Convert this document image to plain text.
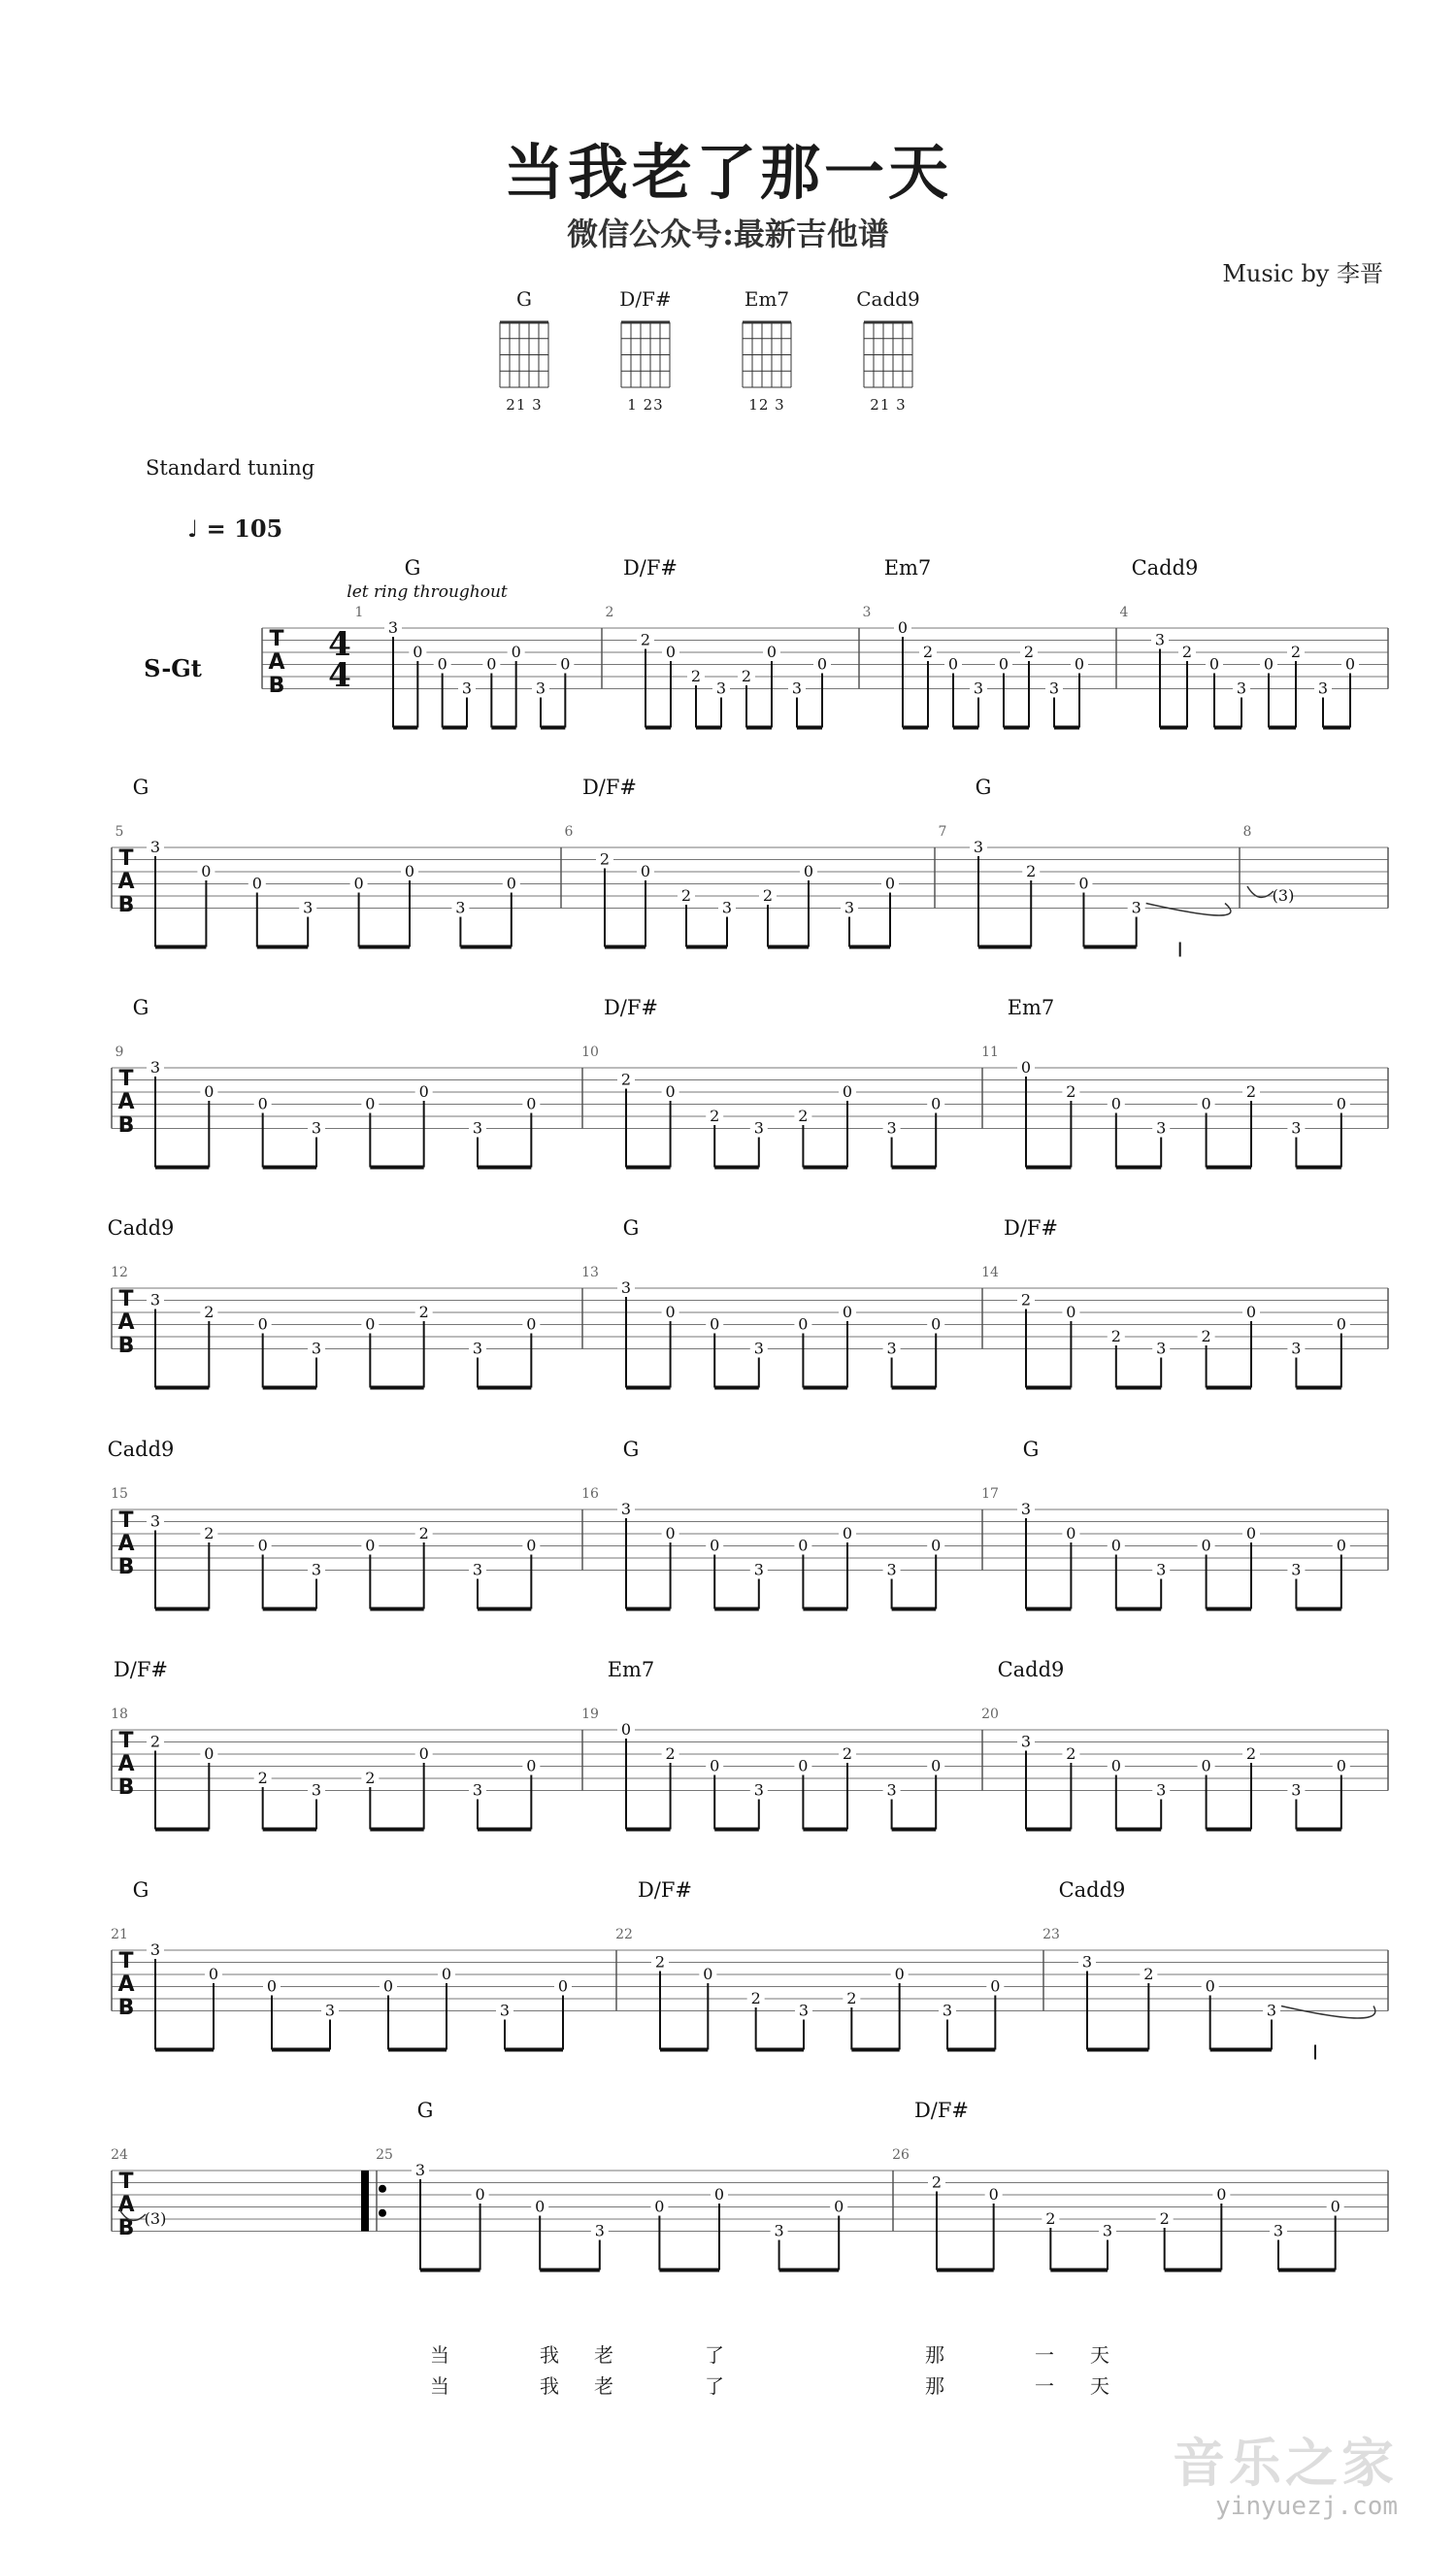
当我老了那一天
微信公众号:最新吉他谱
Music by 李晋
G
21 3
D/F#
1 23
Em7
12 3
Cadd9
21 3
Standard tuning
♩ = 105
T
A
B
4
4
S-Gt
let ring throughout
1
G
3
0
0
3
0
0
3
0
2
D/F#
2
0
2
3
2
0
3
0
3
Em7
0
2
0
3
0
2
3
0
4
Cadd9
3
2
0
3
0
2
3
0
T
A
B
5
G
3
0
0
3
0
0
3
0
6
D/F#
2
0
2
3
2
0
3
0
7
G
3
2
0
3
8
(3)
T
A
B
9
G
3
0
0
3
0
0
3
0
10
D/F#
2
0
2
3
2
0
3
0
11
Em7
0
2
0
3
0
2
3
0
T
A
B
12
Cadd9
3
2
0
3
0
2
3
0
13
G
3
0
0
3
0
0
3
0
14
D/F#
2
0
2
3
2
0
3
0
T
A
B
15
Cadd9
3
2
0
3
0
2
3
0
16
G
3
0
0
3
0
0
3
0
17
G
3
0
0
3
0
0
3
0
T
A
B
18
D/F#
2
0
2
3
2
0
3
0
19
Em7
0
2
0
3
0
2
3
0
20
Cadd9
3
2
0
3
0
2
3
0
T
A
B
21
G
3
0
0
3
0
0
3
0
22
D/F#
2
0
2
3
2
0
3
0
23
Cadd9
3
2
0
3
T
A
B
24
(3)
25
G
3
0
0
3
0
0
3
0
26
D/F#
2
0
2
3
2
0
3
0
当	我 老	了	那	一 天
当	我 老	了	那	一 天
音乐之家
yinyuezj.com
